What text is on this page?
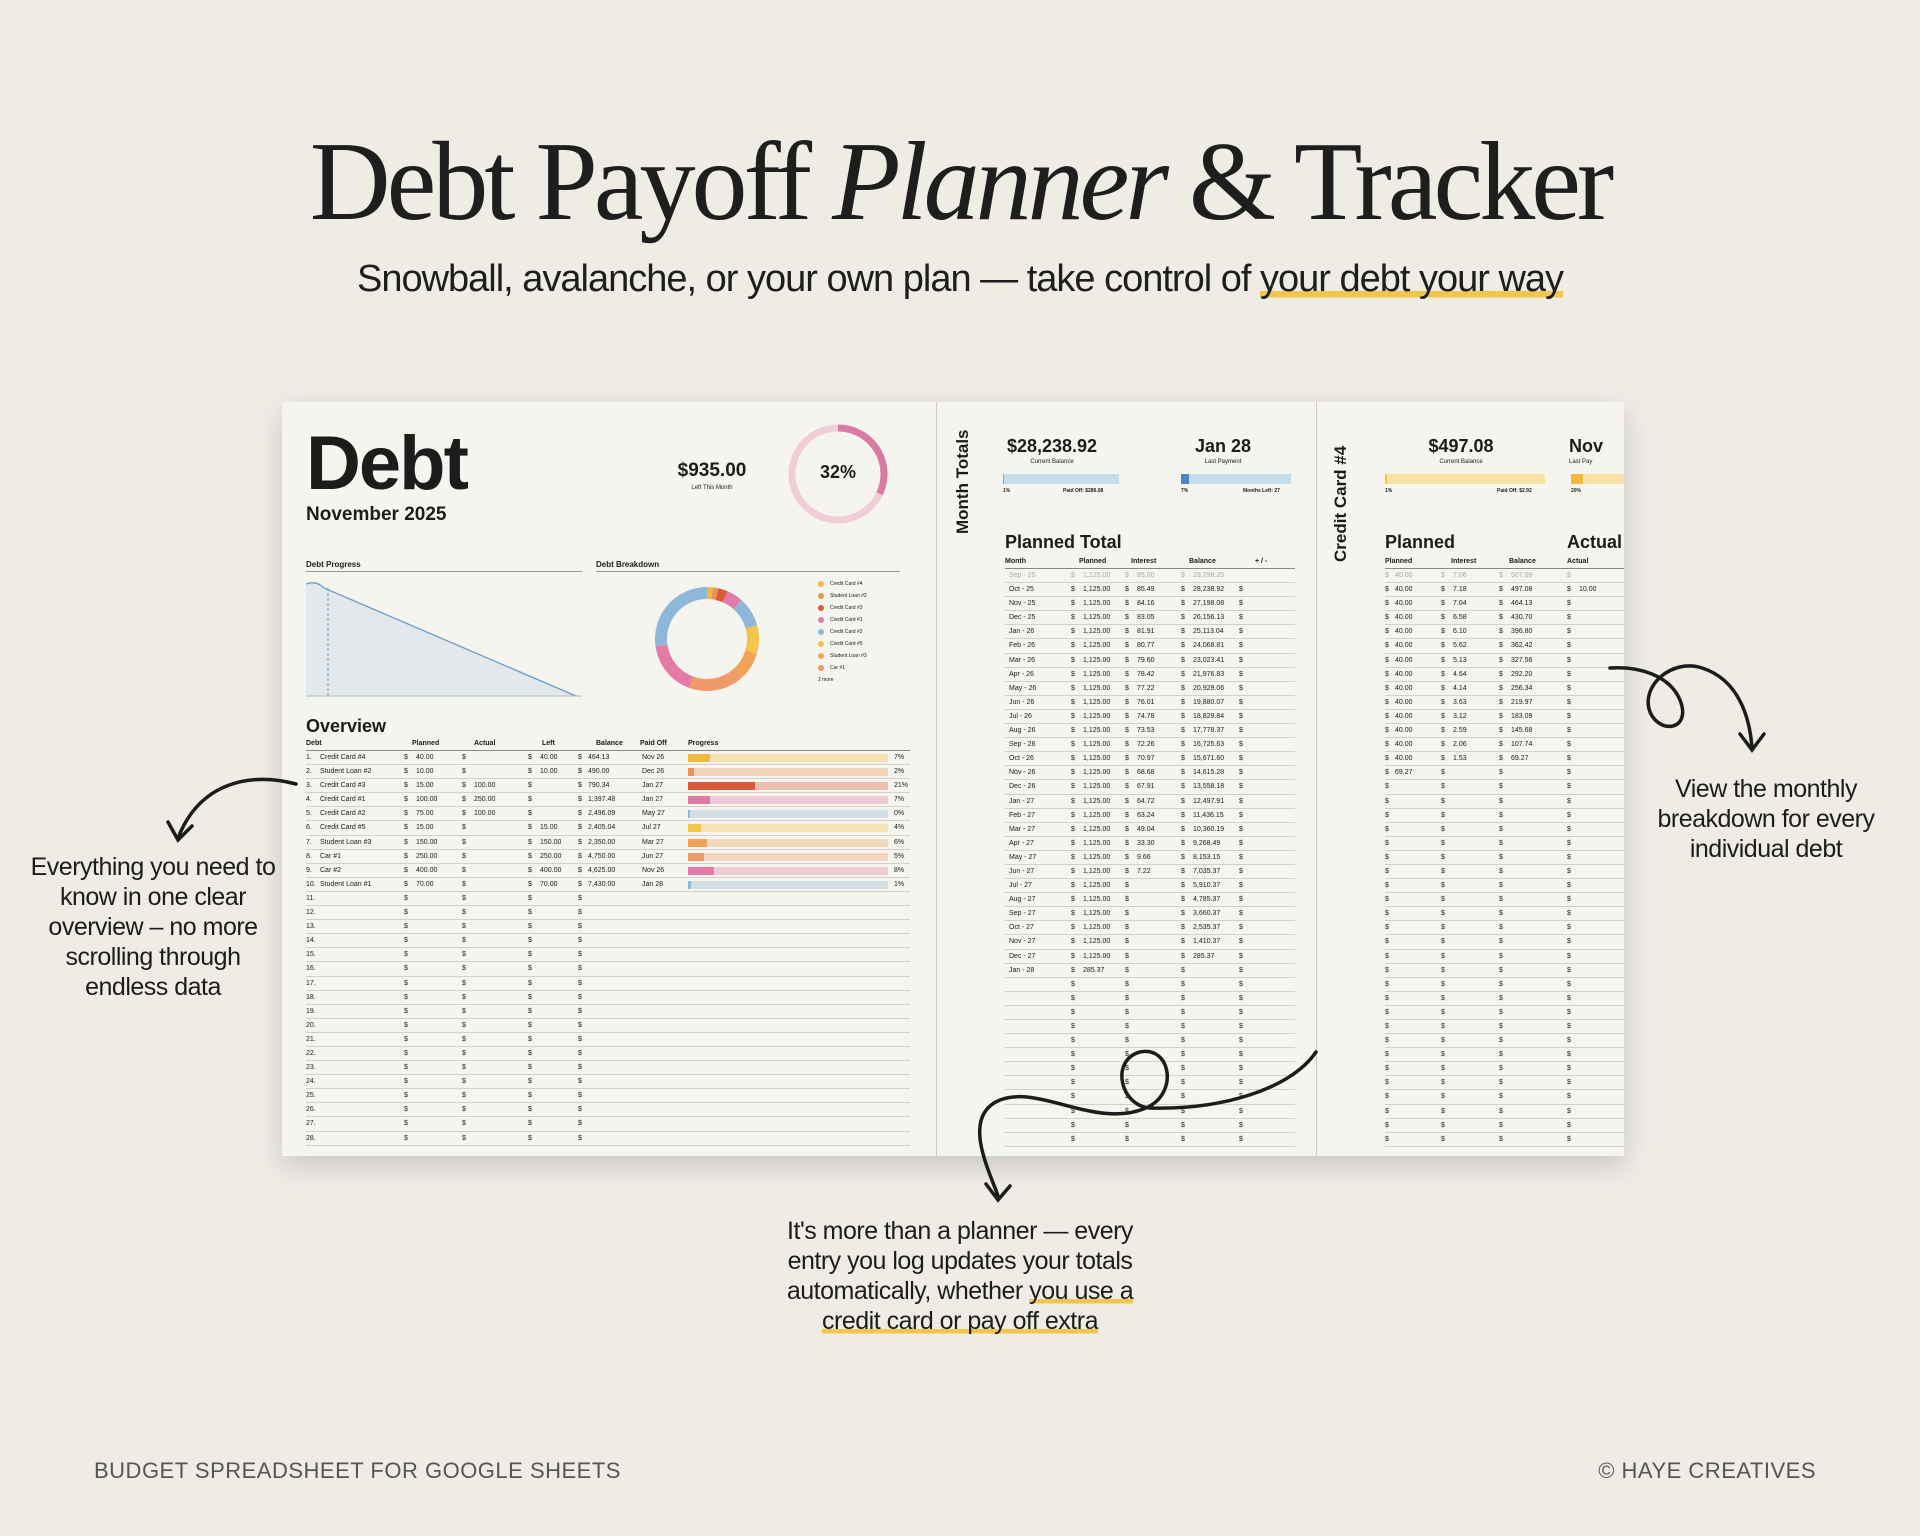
Debt Payoff Planner & Tracker
Snowball, avalanche, or your own plan — take control of your debt your way
Debt
November 2025
$935.00
Left This Month
32%
Debt Progress	Debt Breakdown
Credit Card #4
Student Loan #2
Credit Card #3
Credit Card #1
Credit Card #2
Credit Card #5
Student Loan #3
Car #1
2 more
Overview
Debt	Planned	Actual	Left	Balance Paid Off	Progress
1. Credit Card #4	$ 40.00	$	$ 40.00	$ 464.13	Nov 26	7%
2. Student Loan #2	$ 10.00	$	$ 10.00	$ 490.00	Dec 26	2%
3. Credit Card #3	$ 15.00	$ 100.00	$	$ 790.34	Jan 27	21%
4. Credit Card #1	$ 100.00	$ 250.00	$	$ 1,397.48	Jan 27	7%
5. Credit Card #2	$ 75.00	$ 100.00	$	$ 2,496.09	May 27	0%
6. Credit Card #5	$ 15.00	$	$ 15.00	$ 2,405.04	Jul 27	4%
7. Student Loan #3	$ 150.00	$	$ 150.00 $ 2,350.00	Mar 27	6%
8. Car #1	$ 250.00	$	$ 250.00 $ 4,750.00	Jun 27	5%
9. Car #2	$ 400.00	$	$ 400.00 $ 4,625.00	Nov 26	8%
10. Student Loan #1	$ 70.00	$	$ 70.00	$ 7,430.00	Jan 28	1%
11.	$	$	$	$
12.	$	$	$	$
13.	$	$	$	$
14.	$	$	$	$
15.	$	$	$	$
16.	$	$	$	$
17.	$	$	$	$
18.	$	$	$	$
19.	$	$	$	$
20.	$	$	$	$
21.	$	$	$	$
22.	$	$	$	$
23.	$	$	$	$
24.	$	$	$	$
25.	$	$	$	$
26.	$	$	$	$
27.	$	$	$	$
28.	$	$	$	$
Month Totals	$28,238.92
Current Balance
Jan 28
Last Payment
1%	Paid Off: $286.08	7%	Months Left: 27
Planned Total
Month	Planned	Interest	Balance	+ / -
Sep - 25	$ 1,125.00 $ 85.00	$ 29,298.25
Oct - 25	$ 1,125.00 $ 85.49	$ 28,238.92 $
Nov - 25	$ 1,125.00 $ 84.16	$ 27,198.08 $
Dec - 25	$ 1,125.00 $ 83.05	$ 26,156.13 $
Jan - 26	$ 1,125.00 $ 81.91	$ 25,113.04 $
Feb - 26	$ 1,125.00 $ 80.77	$ 24,068.81 $
Mar - 26	$ 1,125.00 $ 79.60	$ 23,023.41 $
Apr - 26	$ 1,125.00 $ 78.42	$ 21,976.83 $
May - 26	$ 1,125.00 $ 77.22	$ 20,929.06 $
Jun - 26	$ 1,125.00 $ 76.01	$ 19,880.07 $
Jul - 26	$ 1,125.00 $ 74.78	$ 18,829.84 $
Aug - 26	$ 1,125.00 $ 73.53	$ 17,778.37 $
Sep - 26	$ 1,125.00 $ 72.26	$ 16,725.63 $
Oct - 26	$ 1,125.00 $ 70.97	$ 15,671.60 $
Nov - 26	$ 1,125.00 $ 68.68	$ 14,615.28 $
Dec - 26	$ 1,125.00 $ 67.91	$ 13,558.18 $
Jan - 27	$ 1,125.00 $ 64.72	$ 12,497.91 $
Feb - 27	$ 1,125.00 $ 63.24	$ 11,436.15 $
Mar - 27	$ 1,125.00 $ 49.04	$ 10,360.19 $
Apr - 27	$ 1,125.00 $ 33.30	$ 9,268.49	$
May - 27	$ 1,125.00 $ 9.66	$ 8,153.15	$
Jun - 27	$ 1,125.00 $ 7.22	$ 7,035.37	$
Jul - 27	$ 1,125.00 $	$ 5,910.37	$
Aug - 27	$ 1,125.00 $	$ 4,785.37	$
Sep - 27	$ 1,125.00 $	$ 3,660.37	$
Oct - 27	$ 1,125.00 $	$ 2,535.37	$
Nov - 27	$ 1,125.00 $	$ 1,410.37	$
Dec - 27	$ 1,125.00 $	$ 285.37	$
Jan - 28	$ 285.37	$	$	$
$	$	$	$
$	$	$	$
$	$	$	$
$	$	$	$
$	$	$	$
$	$	$	$
$	$	$	$
$	$	$	$
$	$	$	$
$	$	$	$
$	$	$	$
$	$	$	$
Credit Card #4	$497.08
Current Balance
Nov
Last Pay
1%	Paid Off: $2.92	20%
Planned	Actual
Planned	Interest	Balance	Actual
$ 40.00	$ 7.06	$ 507.08	$
$ 40.00	$ 7.18	$ 497.08	$ 10.00
$ 40.00	$ 7.04	$ 464.13	$
$ 40.00	$ 6.58	$ 430.70	$
$ 40.00	$ 6.10	$ 396.80	$
$ 40.00	$ 5.62	$ 362.42	$
$ 40.00	$ 5.13	$ 327.56	$
$ 40.00	$ 4.64	$ 292.20	$
$ 40.00	$ 4.14	$ 256.34	$
$ 40.00	$ 3.63	$ 219.97	$
$ 40.00	$ 3.12	$ 183.09	$
$ 40.00	$ 2.59	$ 145.68	$
$ 40.00	$ 2.06	$ 107.74	$
$ 40.00	$ 1.53	$ 69.27	$
$ 69.27	$	$	$
$	$	$	$
$	$	$	$
$	$	$	$
$	$	$	$
$	$	$	$
$	$	$	$
$	$	$	$
$	$	$	$
$	$	$	$
$	$	$	$
$	$	$	$
$	$	$	$
$	$	$	$
$	$	$	$
$	$	$	$
$	$	$	$
$	$	$	$
$	$	$	$
$	$	$	$
$	$	$	$
$	$	$	$
$	$	$	$
$	$	$	$
$	$	$	$
$	$	$	$
$	$	$	$
Everything you need to know in one clear overview – no more scrolling through endless data
View the monthly breakdown for every individual debt
It's more than a planner — every entry you log updates your totals automatically, whether you use a credit card or pay off extra
BUDGET SPREADSHEET FOR GOOGLE SHEETS	© HAYE CREATIVES
